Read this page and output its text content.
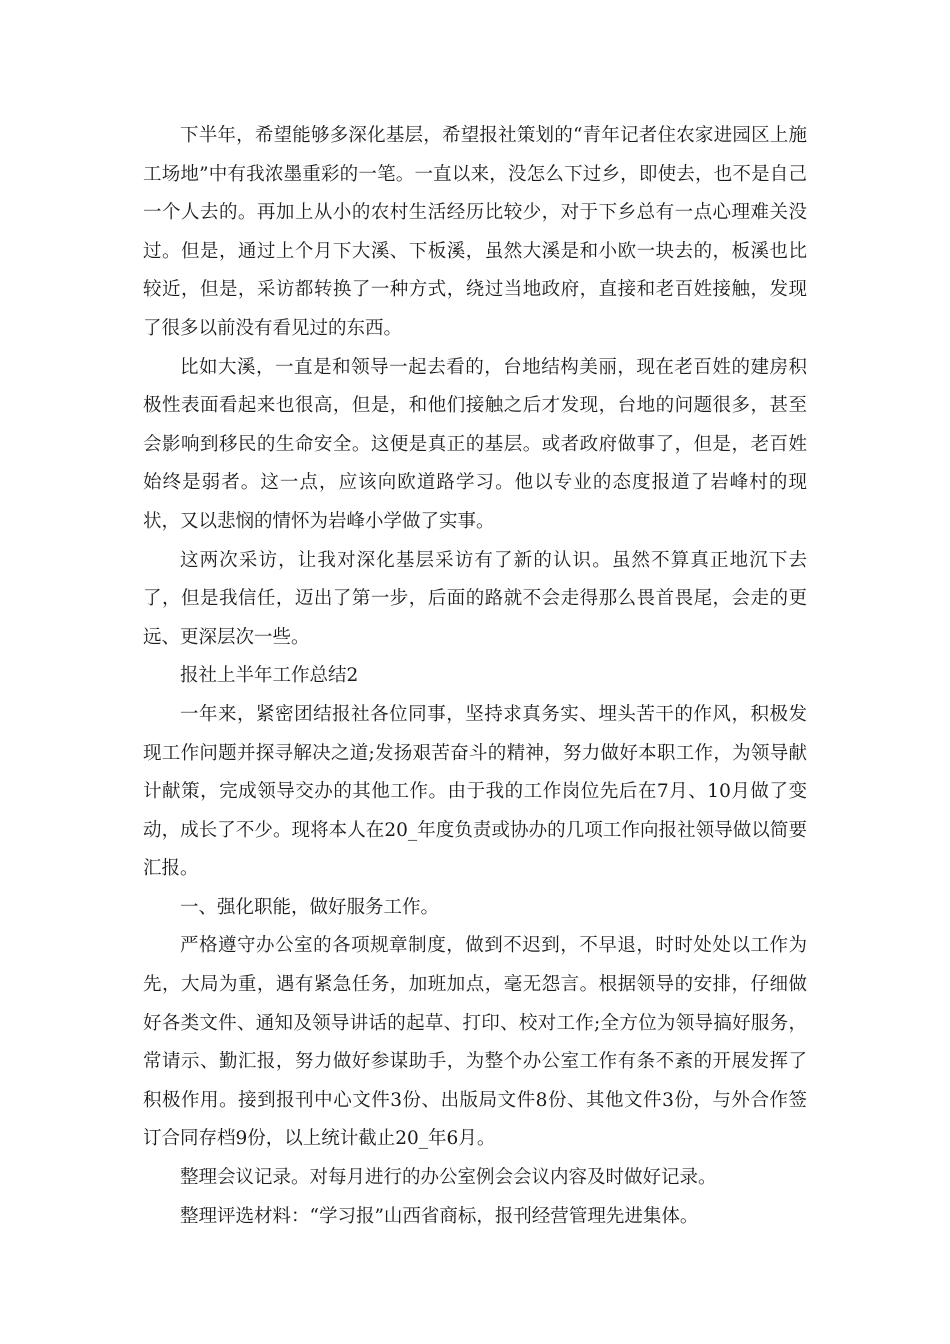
下半年，希望能够多深化基层，希望报社策划的“青年记者住农家进园区上施工场地”中有我浓墨重彩的一笔。一直以来，没怎么下过乡，即使去，也不是自己一个人去的。再加上从小的农村生活经历比较少，对于下乡总有一点心理难关没过。但是，通过上个月下大溪、下板溪，虽然大溪是和小欧一块去的，板溪也比较近，但是，采访都转换了一种方式，绕过当地政府，直接和老百姓接触，发现了很多以前没有看见过的东西。

比如大溪，一直是和领导一起去看的，台地结构美丽，现在老百姓的建房积极性表面看起来也很高，但是，和他们接触之后才发现，台地的问题很多，甚至会影响到移民的生命安全。这便是真正的基层。或者政府做事了，但是，老百姓始终是弱者。这一点，应该向欧道路学习。他以专业的态度报道了岩峰村的现状，又以悲悯的情怀为岩峰小学做了实事。

这两次采访，让我对深化基层采访有了新的认识。虽然不算真正地沉下去了，但是我信任，迈出了第一步，后面的路就不会走得那么畏首畏尾，会走的更远、更深层次一些。

报社上半年工作总结2

一年来，紧密团结报社各位同事，坚持求真务实、埋头苦干的作风，积极发现工作问题并探寻解决之道;发扬艰苦奋斗的精神，努力做好本职工作，为领导献计献策，完成领导交办的其他工作。由于我的工作岗位先后在7月、10月做了变动，成长了不少。现将本人在20_年度负责或协办的几项工作向报社领导做以简要汇报。

一、强化职能，做好服务工作。

严格遵守办公室的各项规章制度，做到不迟到，不早退，时时处处以工作为先，大局为重，遇有紧急任务，加班加点，毫无怨言。根据领导的安排，仔细做好各类文件、通知及领导讲话的起草、打印、校对工作;全方位为领导搞好服务，常请示、勤汇报，努力做好参谋助手，为整个办公室工作有条不紊的开展发挥了积极作用。接到报刊中心文件3份、出版局文件8份、其他文件3份，与外合作签订合同存档9份，以上统计截止20_年6月。

整理会议记录。对每月进行的办公室例会会议内容及时做好记录。

整理评选材料：“学习报”山西省商标，报刊经营管理先进集体。
